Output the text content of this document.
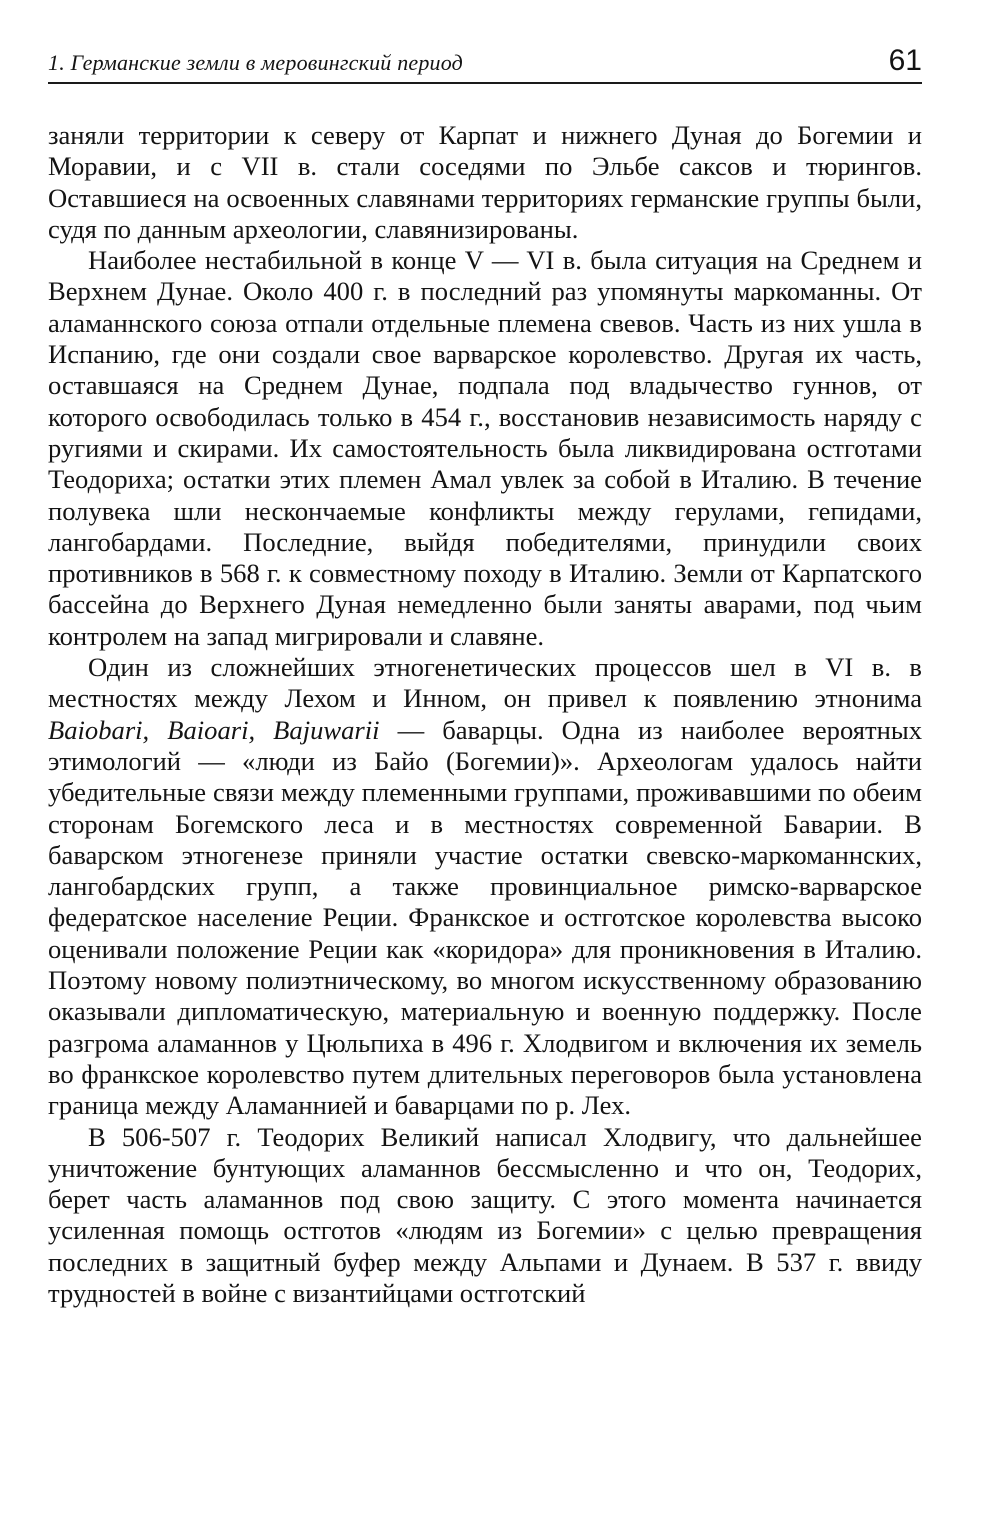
1. Германские земли в меровингский период	61

заняли территории к северу от Карпат и нижнего Дуная до Богемии и Моравии, и с VII в. стали соседями по Эльбе саксов и тюрингов. Оставшиеся на освоенных славянами территориях германские группы были, судя по данным археологии, славянизированы.

Наиболее нестабильной в конце V — VI в. была ситуация на Среднем и Верхнем Дунае. Около 400 г. в последний раз упомянуты маркоманны. От аламаннского союза отпали отдельные племена свевов. Часть из них ушла в Испанию, где они создали свое варварское королевство. Другая их часть, оставшаяся на Среднем Дунае, подпала под владычество гуннов, от которого освободилась только в 454 г., восстановив независимость наряду с ругиями и скирами. Их самостоятельность была ликвидирована остготами Теодориха; остатки этих племен Амал увлек за собой в Италию. В течение полувека шли нескончаемые конфликты между герулами, гепидами, лангобардами. Последние, выйдя победителями, принудили своих противников в 568 г. к совместному походу в Италию. Земли от Карпатского бассейна до Верхнего Дуная немедленно были заняты аварами, под чьим контролем на запад мигрировали и славяне.

Один из сложнейших этногенетических процессов шел в VI в. в местностях между Лехом и Инном, он привел к появлению этнонима Baiobari, Baioari, Bajuwarii — баварцы. Одна из наиболее вероятных этимологий — «люди из Байо (Богемии)». Археологам удалось найти убедительные связи между племенными группами, проживавшими по обеим сторонам Богемского леса и в местностях современной Баварии. В баварском этногенезе приняли участие остатки свевско-маркоманнских, лангобардских групп, а также провинциальное римско-варварское федератское население Реции. Франкское и остготское королевства высоко оценивали положение Реции как «коридора» для проникновения в Италию. Поэтому новому полиэтническому, во многом искусственному образованию оказывали дипломатическую, материальную и военную поддержку. После разгрома аламаннов у Цюльпиха в 496 г. Хлодвигом и включения их земель во франкское королевство путем длительных переговоров была установлена граница между Аламаннией и баварцами по р. Лех.

В 506-507 г. Теодорих Великий написал Хлодвигу, что дальнейшее уничтожение бунтующих аламаннов бессмысленно и что он, Теодорих, берет часть аламаннов под свою защиту. С этого момента начинается усиленная помощь остготов «людям из Богемии» с целью превращения последних в защитный буфер между Альпами и Дунаем. В 537 г. ввиду трудностей в войне с византийцами остготский
